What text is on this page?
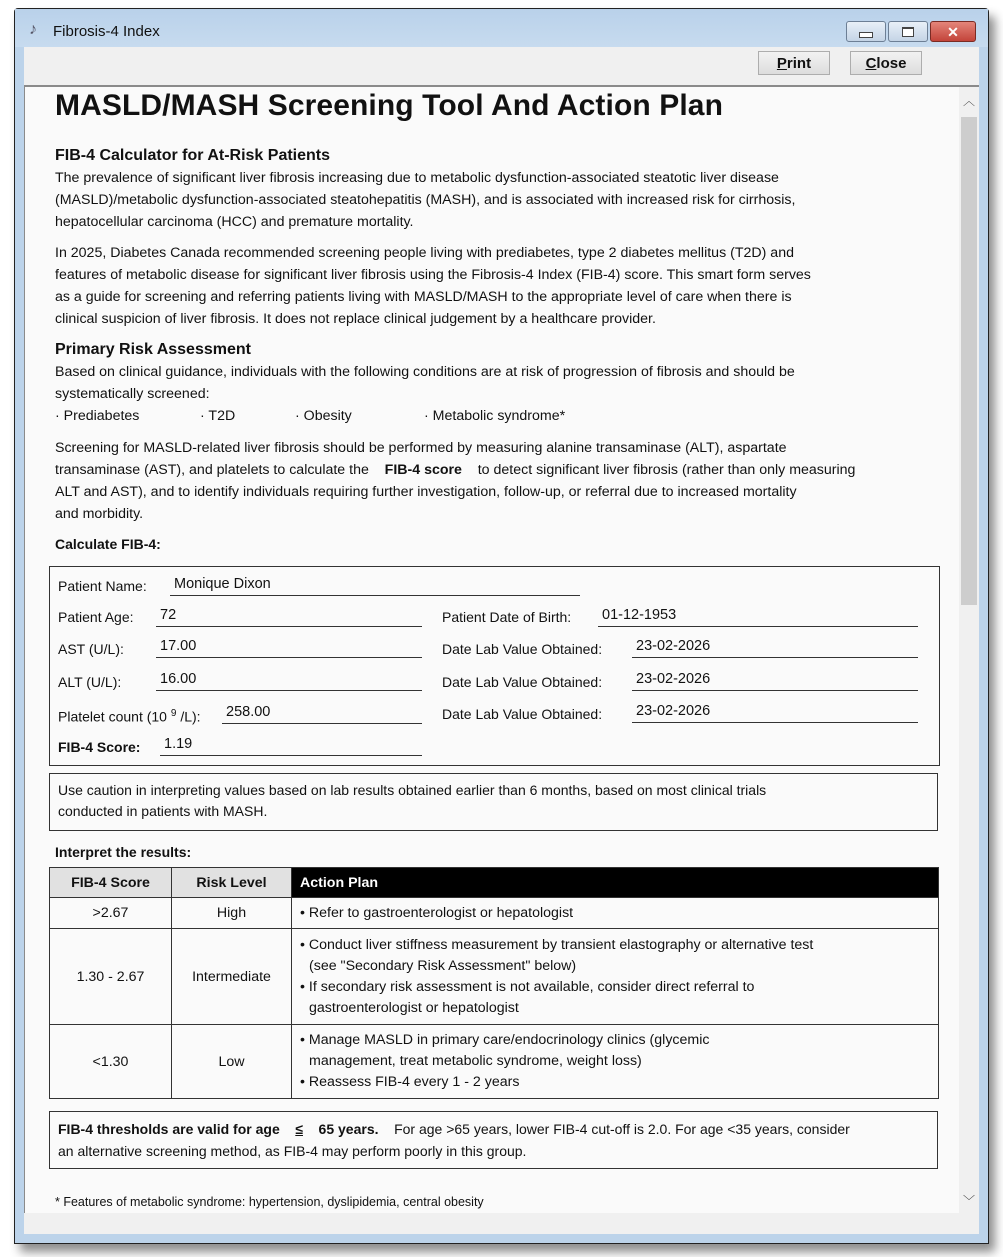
♪	Fibrosis-4 Index	✕
P rint	C lose
MASLD/MASH Screening Tool And Action Plan
FIB-4 Calculator for At-Risk Patients
The prevalence of significant liver fibrosis increasing due to metabolic dysfunction-associated steatotic liver disease
(MASLD)/metabolic dysfunction-associated steatohepatitis (MASH), and is associated with increased risk for cirrhosis,
hepatocellular carcinoma (HCC) and premature mortality.
In 2025, Diabetes Canada recommended screening people living with prediabetes, type 2 diabetes mellitus (T2D) and
features of metabolic disease for significant liver fibrosis using the Fibrosis-4 Index (FIB-4) score. This smart form serves
as a guide for screening and referring patients living with MASLD/MASH to the appropriate level of care when there is
clinical suspicion of liver fibrosis. It does not replace clinical judgement by a healthcare provider.
Primary Risk Assessment
Based on clinical guidance, individuals with the following conditions are at risk of progression of fibrosis and should be
systematically screened:
· Prediabetes	· T2D	· Obesity	· Metabolic syndrome*
Screening for MASLD-related liver fibrosis should be performed by measuring alanine transaminase (ALT), aspartate
transaminase (AST), and platelets to calculate the FIB-4 score to detect significant liver fibrosis (rather than only measuring
ALT and AST), and to identify individuals requiring further investigation, follow-up, or referral due to increased mortality
and morbidity.
Calculate FIB-4:
Patient Name: Monique Dixon
Patient Age: 72	Patient Date of Birth: 01-12-1953
AST (U/L): 17.00	Date Lab Value Obtained: 23-02-2026
ALT (U/L):	16.00	Date Lab Value Obtained: 23-02-2026
Platelet count (10 $^9$ /L): 258.00	Date Lab Value Obtained: 23-02-2026
FIB-4 Score: 1.19
Use caution in interpreting values based on lab results obtained earlier than 6 months, based on most clinical trials
conducted in patients with MASH.
Interpret the results:
FIB-4 Score	Risk Level	Action Plan
>2.67	High	• Refer to gastroenterologist or hepatologist

1.30 - 2.67	Intermediate	• Conduct liver stiffness measurement by transient elastography or alternative test (see "Secondary Risk Assessment" below)
• If secondary risk assessment is not available, consider direct referral to gastroenterologist or hepatologist

<1.30	Low	• Manage MASLD in primary care/endocrinology clinics (glycemic management, treat metabolic syndrome, weight loss)
• Reassess FIB-4 every 1 - 2 years
FIB-4 thresholds are valid for age ≤ 65 years. For age >65 years, lower FIB-4 cut-off is 2.0. For age <35 years, consider
an alternative screening method, as FIB-4 may perform poorly in this group.
* Features of metabolic syndrome: hypertension, dyslipidemia, central obesity
︿
﹀
